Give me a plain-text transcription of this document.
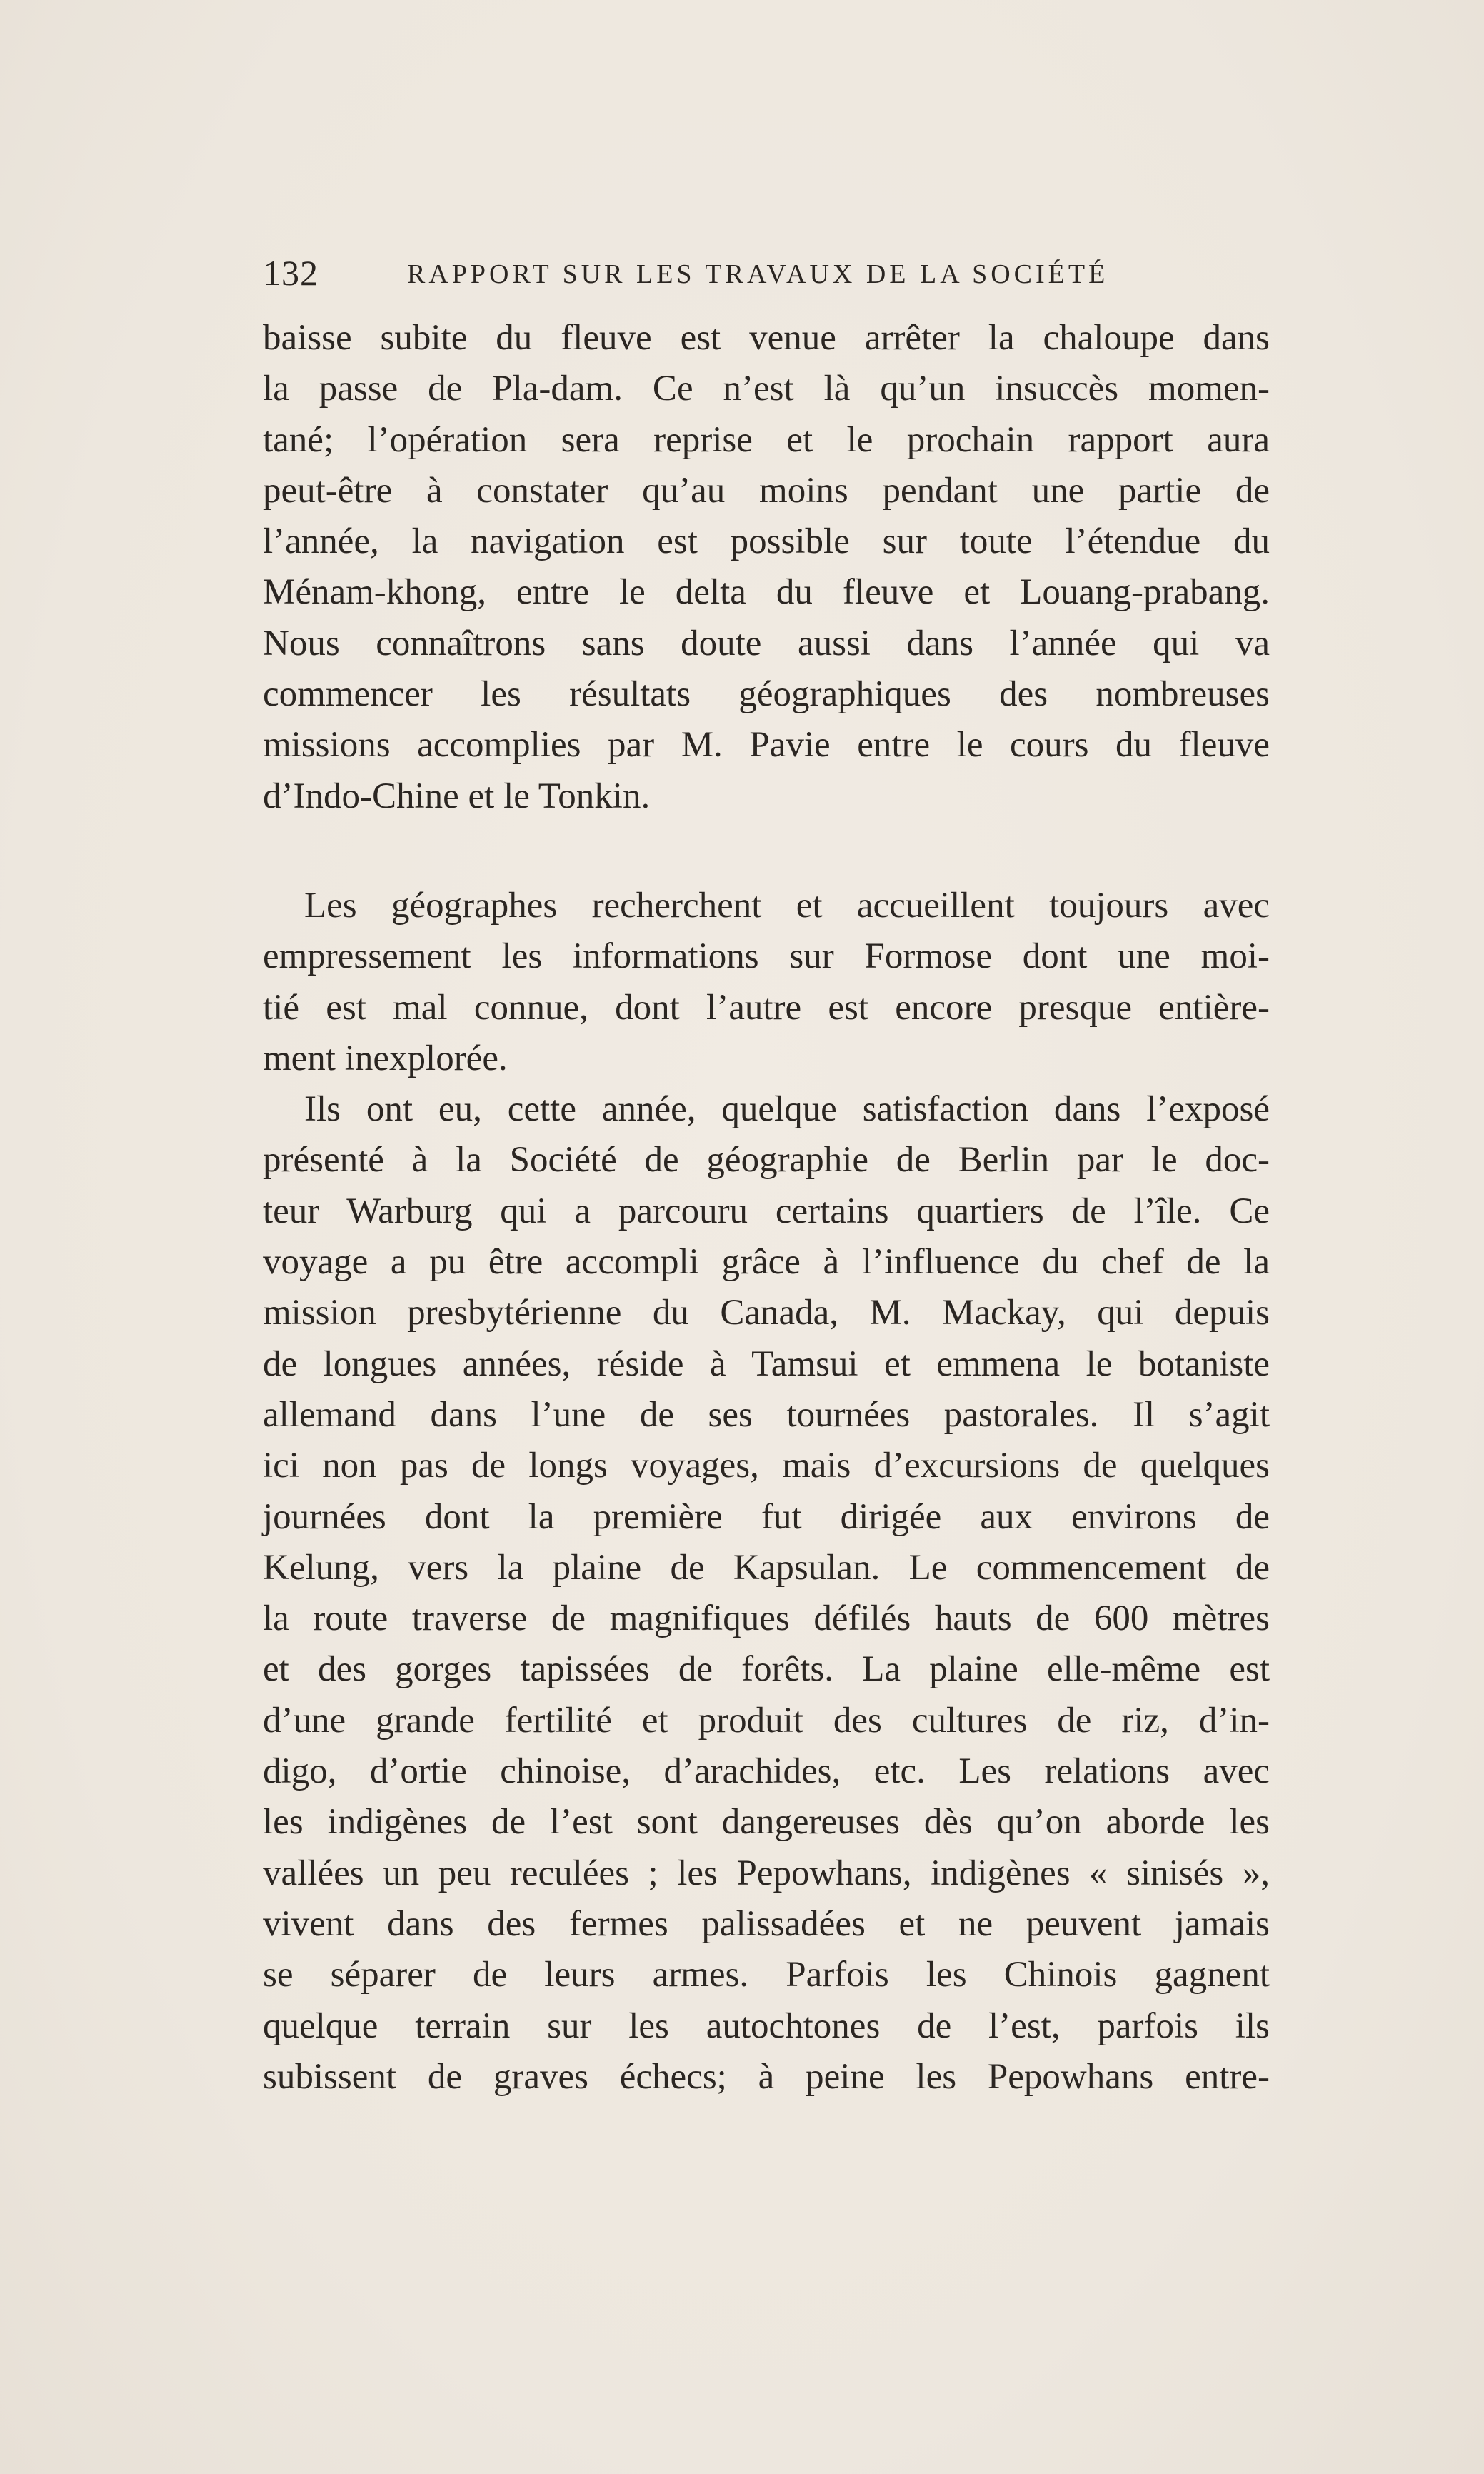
132	RAPPORT SUR LES TRAVAUX DE LA SOCIÉTÉ

baisse subite du fleuve est venue arrêter la chaloupe dans
la passe de Pla-dam. Ce n’est là qu’un insuccès momen-
tané; l’opération sera reprise et le prochain rapport aura
peut-être à constater qu’au moins pendant une partie de
l’année, la navigation est possible sur toute l’étendue du
Ménam-khong, entre le delta du fleuve et Louang-prabang.
Nous connaîtrons sans doute aussi dans l’année qui va
commencer les résultats géographiques des nombreuses
missions accomplies par M. Pavie entre le cours du fleuve
d’Indo-Chine et le Tonkin.

Les géographes recherchent et accueillent toujours avec
empressement les informations sur Formose dont une moi-
tié est mal connue, dont l’autre est encore presque entière-
ment inexplorée.

Ils ont eu, cette année, quelque satisfaction dans l’exposé
présenté à la Société de géographie de Berlin par le doc-
teur Warburg qui a parcouru certains quartiers de l’île. Ce
voyage a pu être accompli grâce à l’influence du chef de la
mission presbytérienne du Canada, M. Mackay, qui depuis
de longues années, réside à Tamsui et emmena le botaniste
allemand dans l’une de ses tournées pastorales. Il s’agit
ici non pas de longs voyages, mais d’excursions de quelques
journées dont la première fut dirigée aux environs de
Kelung, vers la plaine de Kapsulan. Le commencement de
la route traverse de magnifiques défilés hauts de 600 mètres
et des gorges tapissées de forêts. La plaine elle-même est
d’une grande fertilité et produit des cultures de riz, d’in-
digo, d’ortie chinoise, d’arachides, etc. Les relations avec
les indigènes de l’est sont dangereuses dès qu’on aborde les
vallées un peu reculées ; les Pepowhans, indigènes « sinisés »,
vivent dans des fermes palissadées et ne peuvent jamais
se séparer de leurs armes. Parfois les Chinois gagnent
quelque terrain sur les autochtones de l’est, parfois ils
subissent de graves échecs; à peine les Pepowhans entre-
